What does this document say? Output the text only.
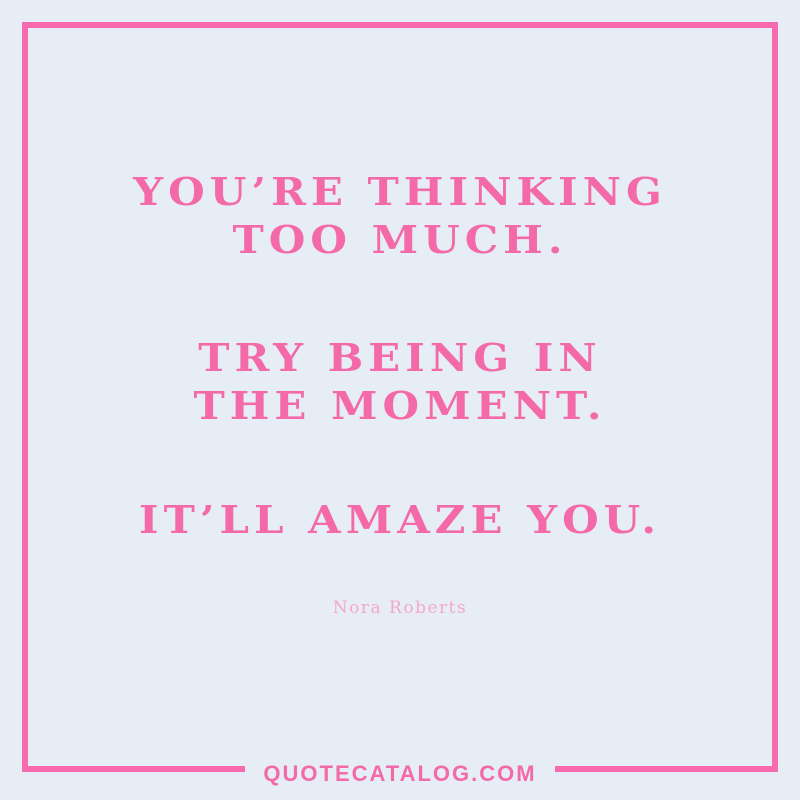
YOU’RE THINKING
TOO MUCH.
TRY BEING IN
THE MOMENT.
IT’LL AMAZE YOU.
Nora Roberts
QUOTECATALOG.COM
